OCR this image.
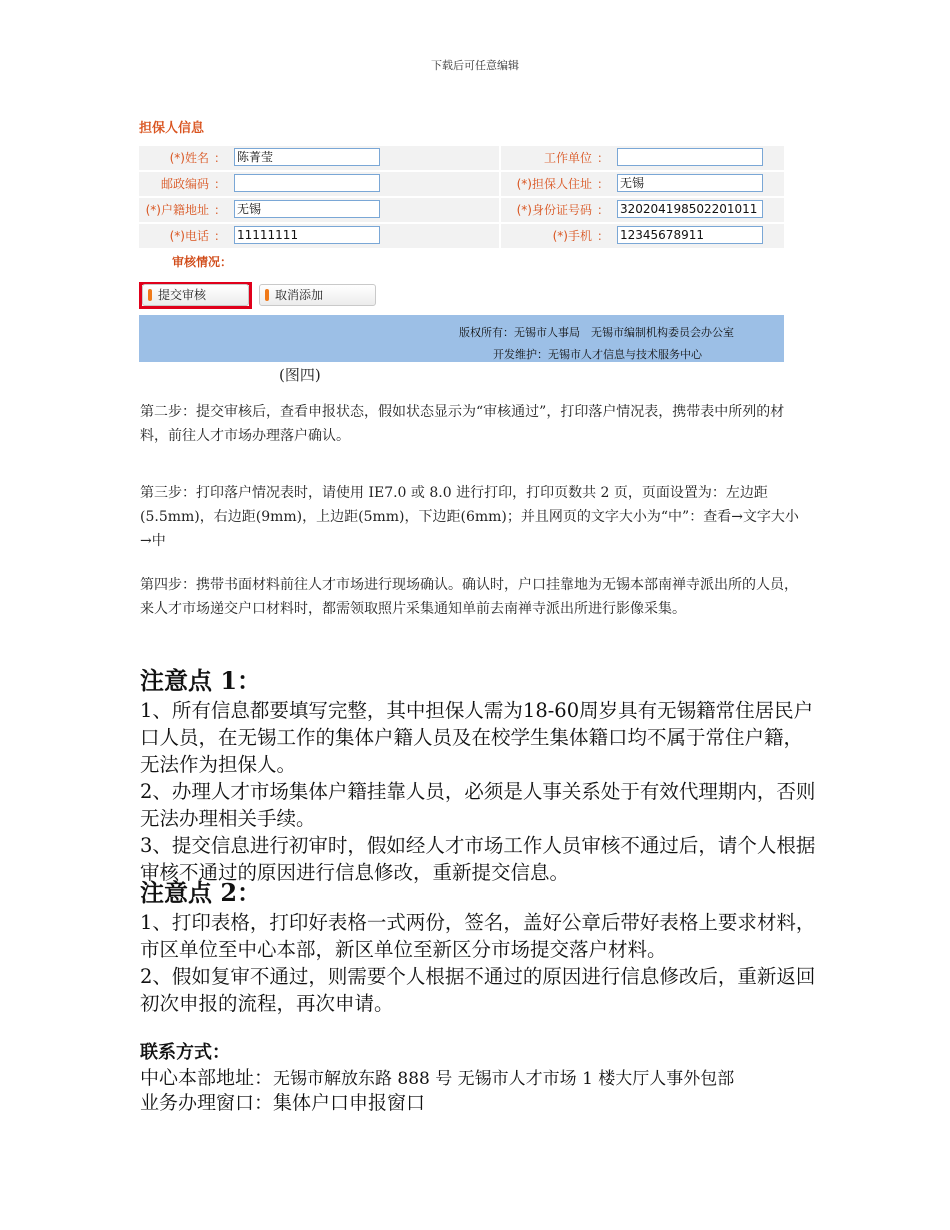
下载后可任意编辑
担保人信息
(*)姓名 ： 陈菁莹	工作单位 ：
邮政编码 ：	(*)担保人住址 ： 无锡
(*)户籍地址 ： 无锡	(*)身份证号码 ： 320204198502201011
(*)电话 ： 11111111	(*)手机 ： 12345678911
审核情况：
提交审核	取消添加
版权所有：无锡市人事局　无锡市编制机构委员会办公室
开发维护：无锡市人才信息与技术服务中心
(图四)
第二步：提交审核后，查看申报状态，假如状态显示为“审核通过”，打印落户情况表，携带表中所列的材料，前往人才市场办理落户确认。
第三步：打印落户情况表时，请使用 IE7.0 或 8.0 进行打印，打印页数共 2 页，页面设置为：左边距(5.5mm)，右边距(9mm)，上边距(5mm)，下边距(6mm)；并且网页的文字大小为“中”：查看→文字大小→中
第四步：携带书面材料前往人才市场进行现场确认。确认时，户口挂靠地为无锡本部南禅寺派出所的人员，来人才市场递交户口材料时，都需领取照片采集通知单前去南禅寺派出所进行影像采集。
注意点 1：
1、所有信息都要填写完整，其中担保人需为18-60周岁具有无锡籍常住居民户口人员，在无锡工作的集体户籍人员及在校学生集体籍口均不属于常住户籍，无法作为担保人。
2、办理人才市场集体户籍挂靠人员，必须是人事关系处于有效代理期内，否则无法办理相关手续。
3、提交信息进行初审时，假如经人才市场工作人员审核不通过后，请个人根据审核不通过的原因进行信息修改，重新提交信息。
注意点 2：
1、打印表格，打印好表格一式两份，签名，盖好公章后带好表格上要求材料，市区单位至中心本部，新区单位至新区分市场提交落户材料。
2、假如复审不通过，则需要个人根据不通过的原因进行信息修改后，重新返回初次申报的流程，再次申请。
联系方式：
中心本部地址：无锡市解放东路 888 号 无锡市人才市场 1 楼大厅人事外包部
业务办理窗口：集体户口申报窗口
